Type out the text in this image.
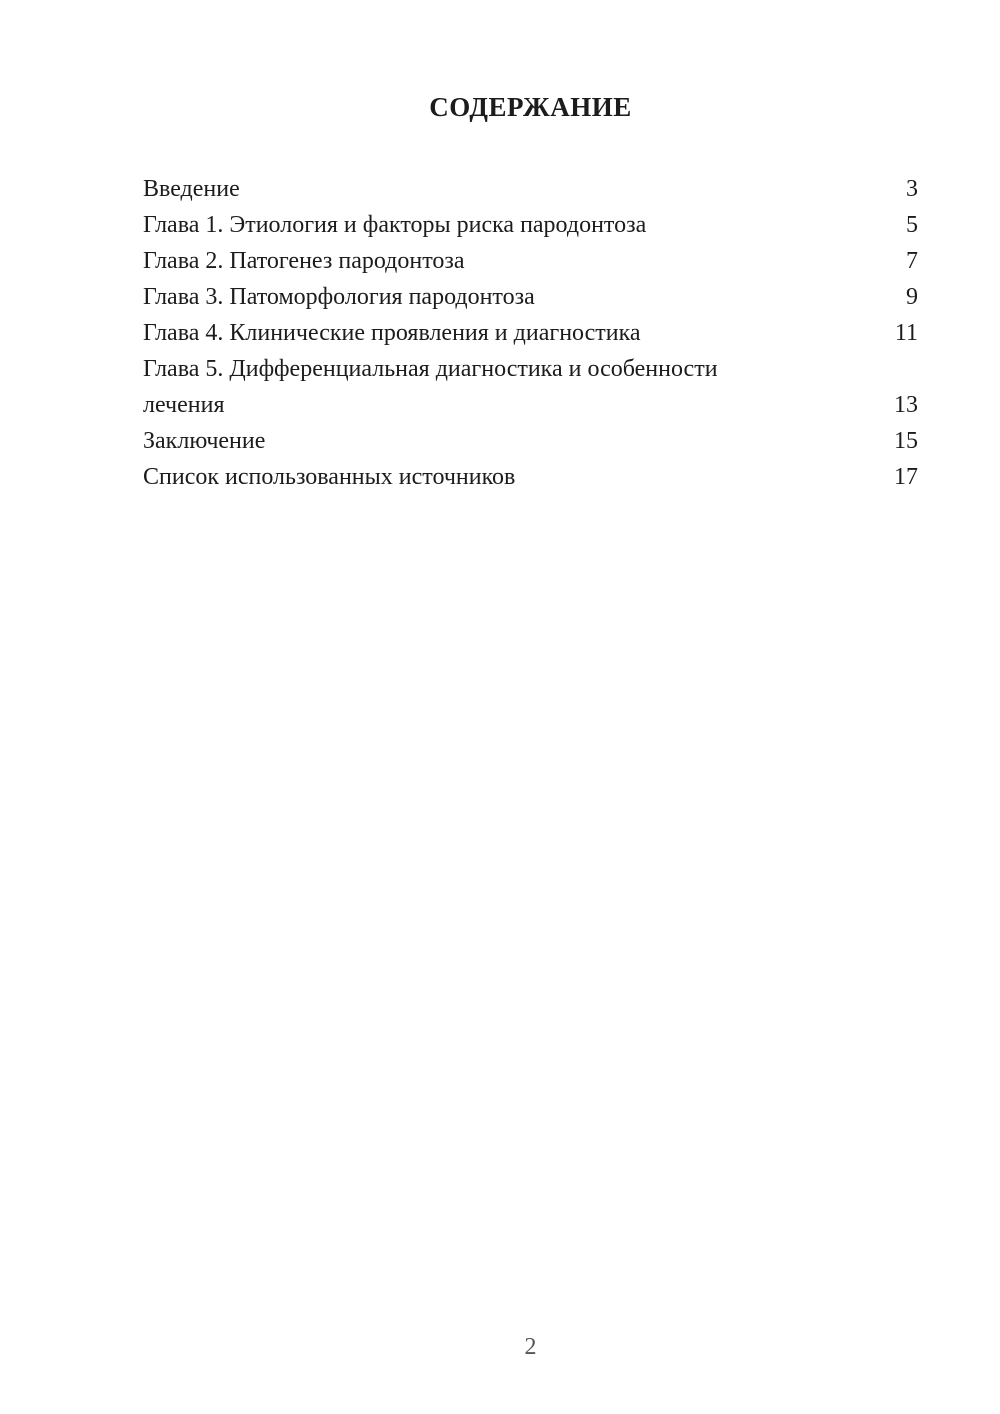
СОДЕРЖАНИЕ
Введение	3
Глава 1. Этиология и факторы риска пародонтоза	5
Глава 2. Патогенез пародонтоза	7
Глава 3. Патоморфология пародонтоза	9
Глава 4. Клинические проявления и диагностика	11
Глава 5. Дифференциальная диагностика и особенности лечения	13
Заключение	15
Список использованных источников	17
2
